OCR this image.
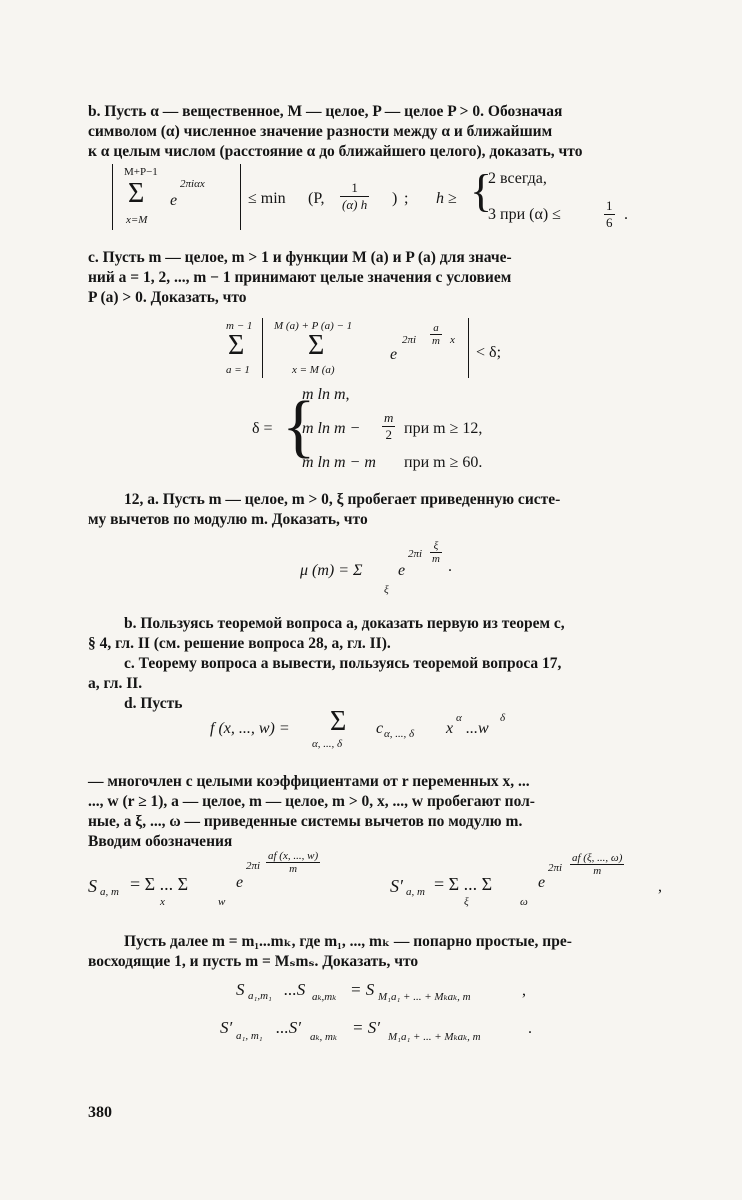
b. Пусть α — вещественное, M — целое, P — целое P > 0. Обозначая
символом (α) численное значение разности между α и ближайшим
к α целым числом (расстояние α до ближайшего целого), доказать, что
M+P−1
Σ
x=M
e
2πiαx
≤ min (P, $\frac{1}{(\alpha) h}$ ) ; h ≥ {
2 всегда,
3 при (α) ≤	$\frac{1}{6}$ .
c. Пусть m — целое, m > 1 и функции M (a) и P (a) для значе-
ний a = 1, 2, ..., m − 1 принимают целые значения с условием
P (a) > 0. Доказать, что
m − 1
Σ
a = 1
M (a) + P (a) − 1
Σ
x = M (a)
e
$2\pi i \frac{a}{m}$ x
< δ;
δ = {
m ln m,
m $\ln m - \frac{m}{2}$ при m ≥ 12,
m ln m − m при m ≥ 60.
12, a. Пусть m — целое, m > 0, ξ пробегает приведенную систе-
му вычетов по модулю m. Доказать, что
μ (m) = Σ
ξ
e
$2\pi i \frac{\xi}{m}$
.
b. Пользуясь теоремой вопроса a, доказать первую из теорем c,
§ 4, гл. II (см. решение вопроса 28, a, гл. II).
c. Теорему вопроса a вывести, пользуясь теоремой вопроса 17,
a, гл. II.
d. Пусть
f (x, ..., w) = Σ
α, ..., δ
c α, ..., δ x
α
...w
δ
— многочлен с целыми коэффициентами от r переменных x, ...
..., w (r ≥ 1), a — целое, m — целое, m > 0, x, ..., w пробегают пол-
ные, a ξ, ..., ω — приведенные системы вычетов по модулю m.
Вводим обозначения
S a, m = Σ ... Σ
x	w
e
$2\pi i \frac{af (x, ..., w)}{m}$
S′ a, m = Σ ... Σ
ξ	ω
e
$2\pi i \frac{af (\xi, ..., \omega)}{m}$
,
Пусть далее m = m₁...mₖ, где m₁, ..., mₖ — попарно простые, пре-
восходящие 1, и пусть m = Mₛmₛ. Доказать, что
S a₁,m₁ ...S aₖ,mₖ = S M₁a₁ + ... + Mₖaₖ, m	,
S′ a₁, m₁ ...S′ aₖ, mₖ = S′ M₁a₁ + ... + Mₖaₖ, m	.
380
